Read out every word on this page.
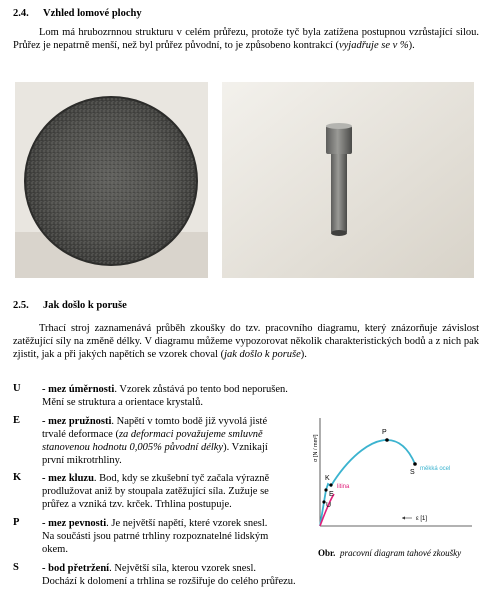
2.4. Vzhled lomové plochy

Lom má hrubozrnnou strukturu v celém průřezu, protože tyč byla zatížena postupnou vzrůstající silou. Průřez je nepatrně menší, než byl průřez původní, to je způsobeno kontrakcí (vyjadřuje se v %).

2.5. Jak došlo k poruše

Trhací stroj zaznamenává průběh zkoušky do tzv. pracovního diagramu, který znázorňuje závislost zatěžující síly na změně délky. V diagramu můžeme vypozorovat několik charakteristických bodů a z nich pak zjistit, jak a při jakých napětích se vzorek choval (jak došlo k poruše).

U - mez úměrnosti. Vzorek zůstává po tento bod neporušen.
Mění se struktura a orientace krystalů.
E - mez pružnosti. Napětí v tomto bodě již vyvolá jisté
trvalé deformace (za deformaci považujeme smluvně
stanovenou hodnotu 0,005% původní délky). Vznikají
první mikrotrhliny.
K - mez kluzu. Bod, kdy se zkušební tyč začala výrazně
prodlužovat aniž by stoupala zatěžující síla. Zužuje se
průřez a vzniká tzv. krček. Trhlina postupuje.
P - mez pevnosti. Je největší napětí, které vzorek snesl.
Na součásti jsou patrné trhliny rozpoznatelné lidským
okem.
S - bod přetržení. Největší síla, kterou vzorek snesl.
Dochází k dolomení a trhlina se rozšiřuje do celého průřezu.
P
S
K
E
U
měkká ocel
litina
ε [1]
σ [N / mm²]
Obr. pracovní diagram tahové zkoušky
